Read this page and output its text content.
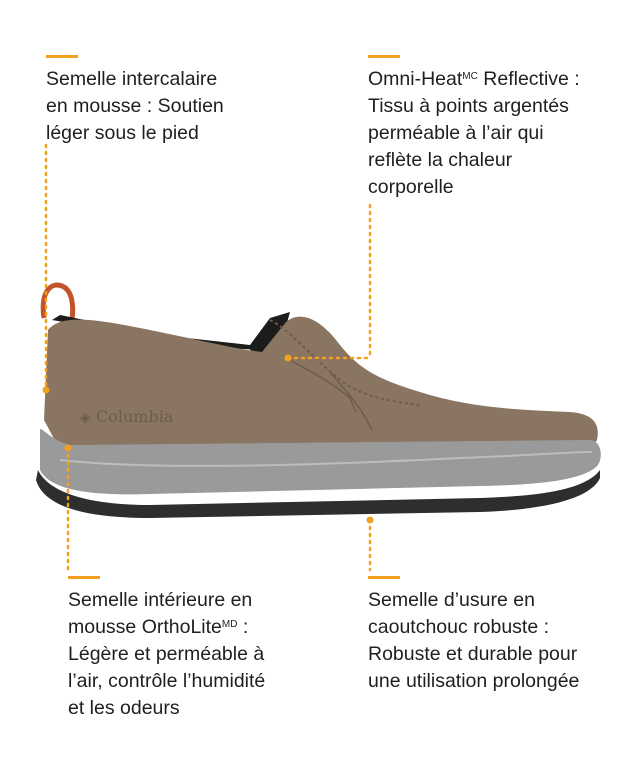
Columbia
◈

Semelle intercalaire

en mousse : Soutien

léger sous le pied

Omni-Heat$^{MC}$ Reflective :

Tissu à points argentés

perméable à l’air qui

reflète la chaleur

corporelle

Semelle intérieure en

mousse OrthoLite$^{MD}$ :

Légère et perméable à

l’air, contrôle l’humidité

et les odeurs

Semelle d’usure en

caoutchouc robuste :

Robuste et durable pour

une utilisation prolongée
